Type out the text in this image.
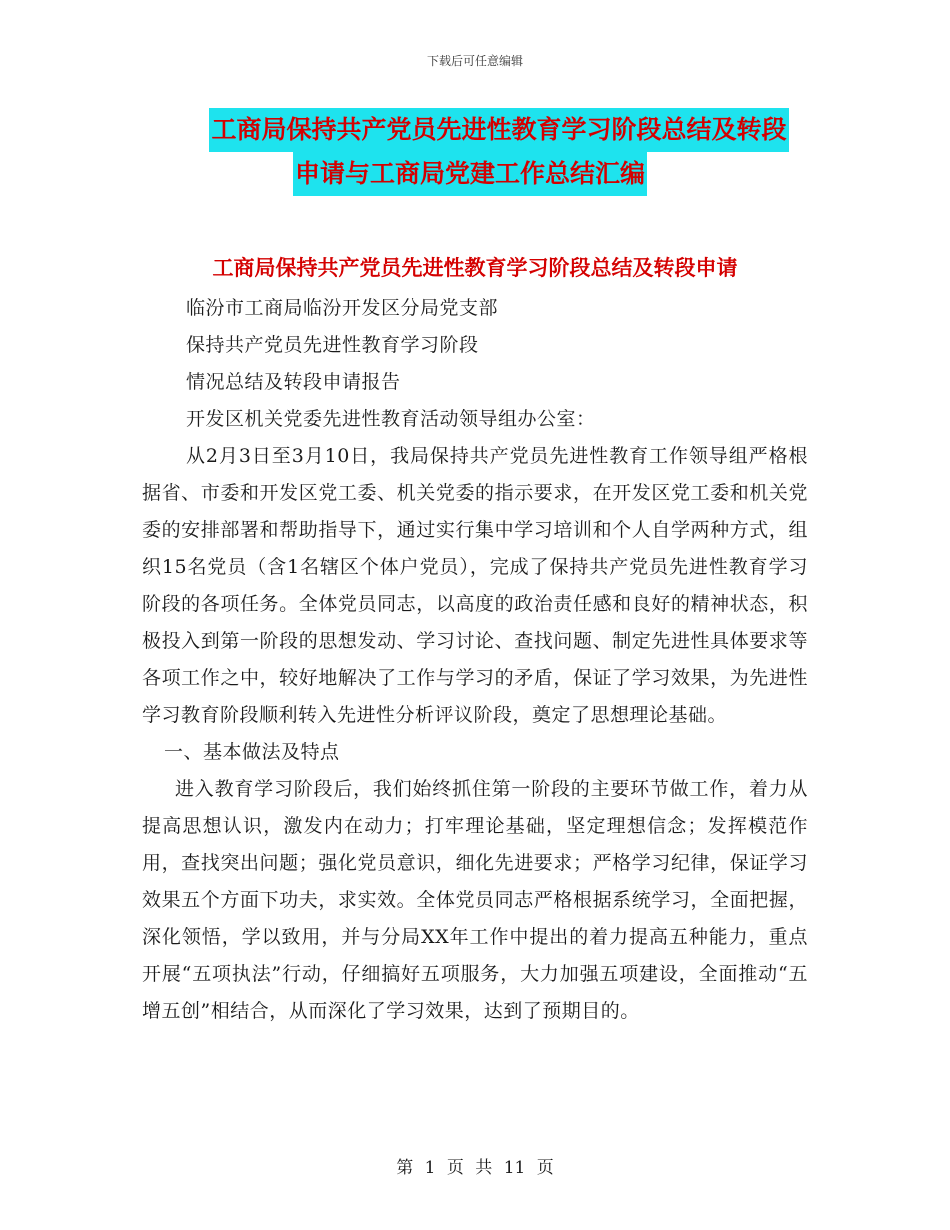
下载后可任意编辑
工商局保持共产党员先进性教育学习阶段总结及转段
申请与工商局党建工作总结汇编
工商局保持共产党员先进性教育学习阶段总结及转段申请

临汾市工商局临汾开发区分局党支部

保持共产党员先进性教育学习阶段

情况总结及转段申请报告

开发区机关党委先进性教育活动领导组办公室：

从2月3日至3月10日，我局保持共产党员先进性教育工作领导组严格根据省、市委和开发区党工委、机关党委的指示要求，在开发区党工委和机关党委的安排部署和帮助指导下，通过实行集中学习培训和个人自学两种方式，组织15名党员（含1名辖区个体户党员），完成了保持共产党员先进性教育学习阶段的各项任务。全体党员同志，以高度的政治责任感和良好的精神状态，积极投入到第一阶段的思想发动、学习讨论、查找问题、制定先进性具体要求等各项工作之中，较好地解决了工作与学习的矛盾，保证了学习效果，为先进性学习教育阶段顺利转入先进性分析评议阶段，奠定了思想理论基础。

一、基本做法及特点

进入教育学习阶段后，我们始终抓住第一阶段的主要环节做工作，着力从提高思想认识，激发内在动力；打牢理论基础，坚定理想信念；发挥模范作用，查找突出问题；强化党员意识，细化先进要求；严格学习纪律，保证学习效果五个方面下功夫，求实效。全体党员同志严格根据系统学习，全面把握，深化领悟，学以致用，并与分局XX年工作中提出的着力提高五种能力，重点开展“五项执法”行动，仔细搞好五项服务，大力加强五项建设，全面推动“五增五创”相结合，从而深化了学习效果，达到了预期目的。

第 1 页 共 11 页
